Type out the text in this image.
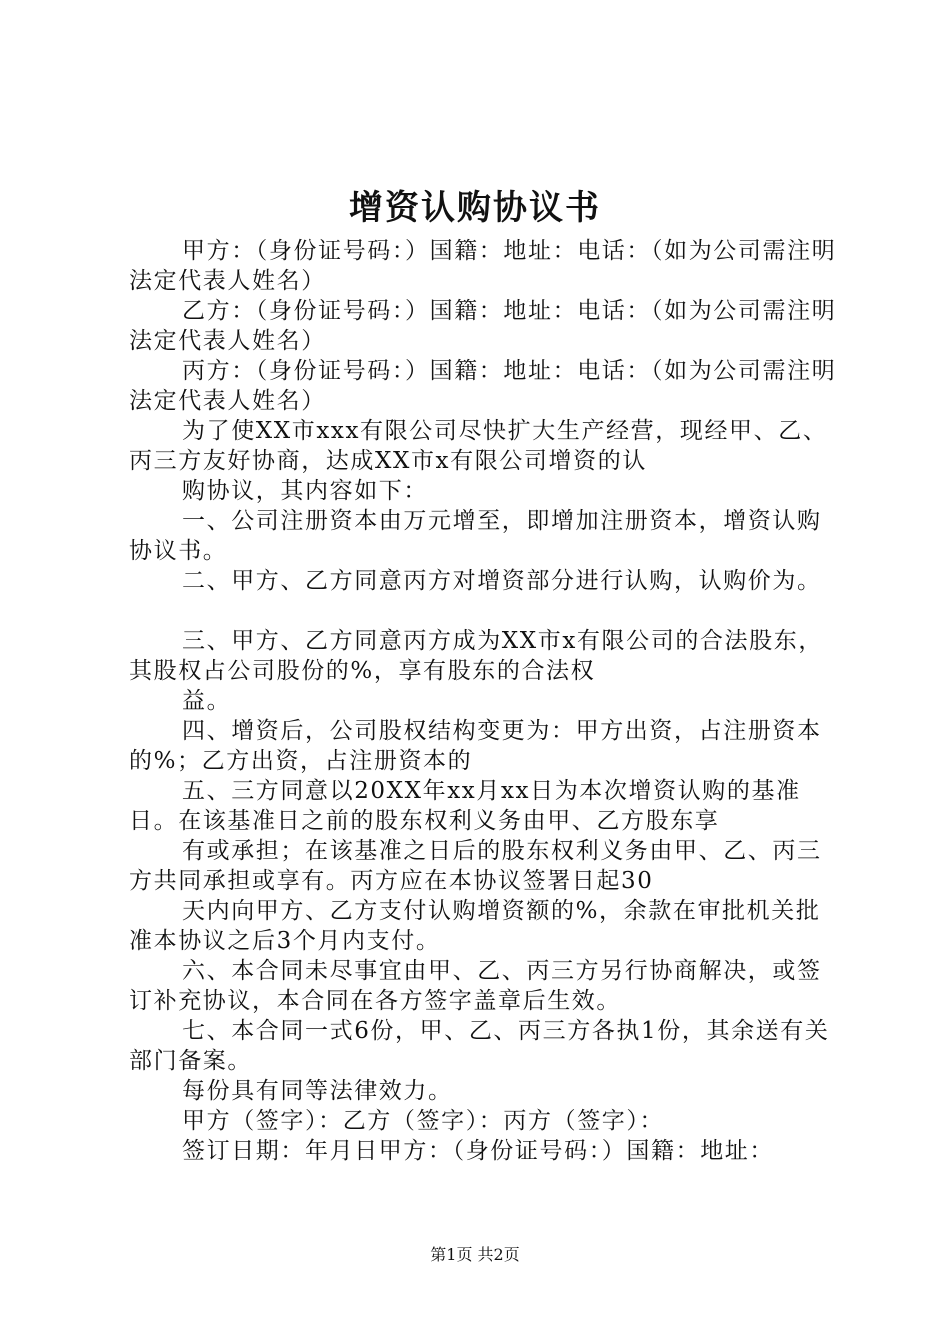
增资认购协议书

甲方：（身份证号码：）国籍：地址：电话：（如为公司需注明法定代表人姓名）

乙方：（身份证号码：）国籍：地址：电话：（如为公司需注明法定代表人姓名）

丙方：（身份证号码：）国籍：地址：电话：（如为公司需注明法定代表人姓名）

为了使XX市xxx有限公司尽快扩大生产经营，现经甲、乙、丙三方友好协商，达成XX市x有限公司增资的认

购协议，其内容如下：

一、公司注册资本由万元增至，即增加注册资本，增资认购协议书。

二、甲方、乙方同意丙方对增资部分进行认购，认购价为。

三、甲方、乙方同意丙方成为XX市x有限公司的合法股东，其股权占公司股份的%，享有股东的合法权

益。

四、增资后，公司股权结构变更为：甲方出资，占注册资本的%；乙方出资，占注册资本的

五、三方同意以20XX年xx月xx日为本次增资认购的基准日。在该基准日之前的股东权利义务由甲、乙方股东享

有或承担；在该基准之日后的股东权利义务由甲、乙、丙三方共同承担或享有。丙方应在本协议签署日起30

天内向甲方、乙方支付认购增资额的%，余款在审批机关批准本协议之后3个月内支付。

六、本合同未尽事宜由甲、乙、丙三方另行协商解决，或签订补充协议，本合同在各方签字盖章后生效。

七、本合同一式6份，甲、乙、丙三方各执1份，其余送有关部门备案。

每份具有同等法律效力。

甲方（签字）：乙方（签字）：丙方（签字）：

签订日期：年月日甲方：（身份证号码：）国籍：地址：

第1页 共2页
